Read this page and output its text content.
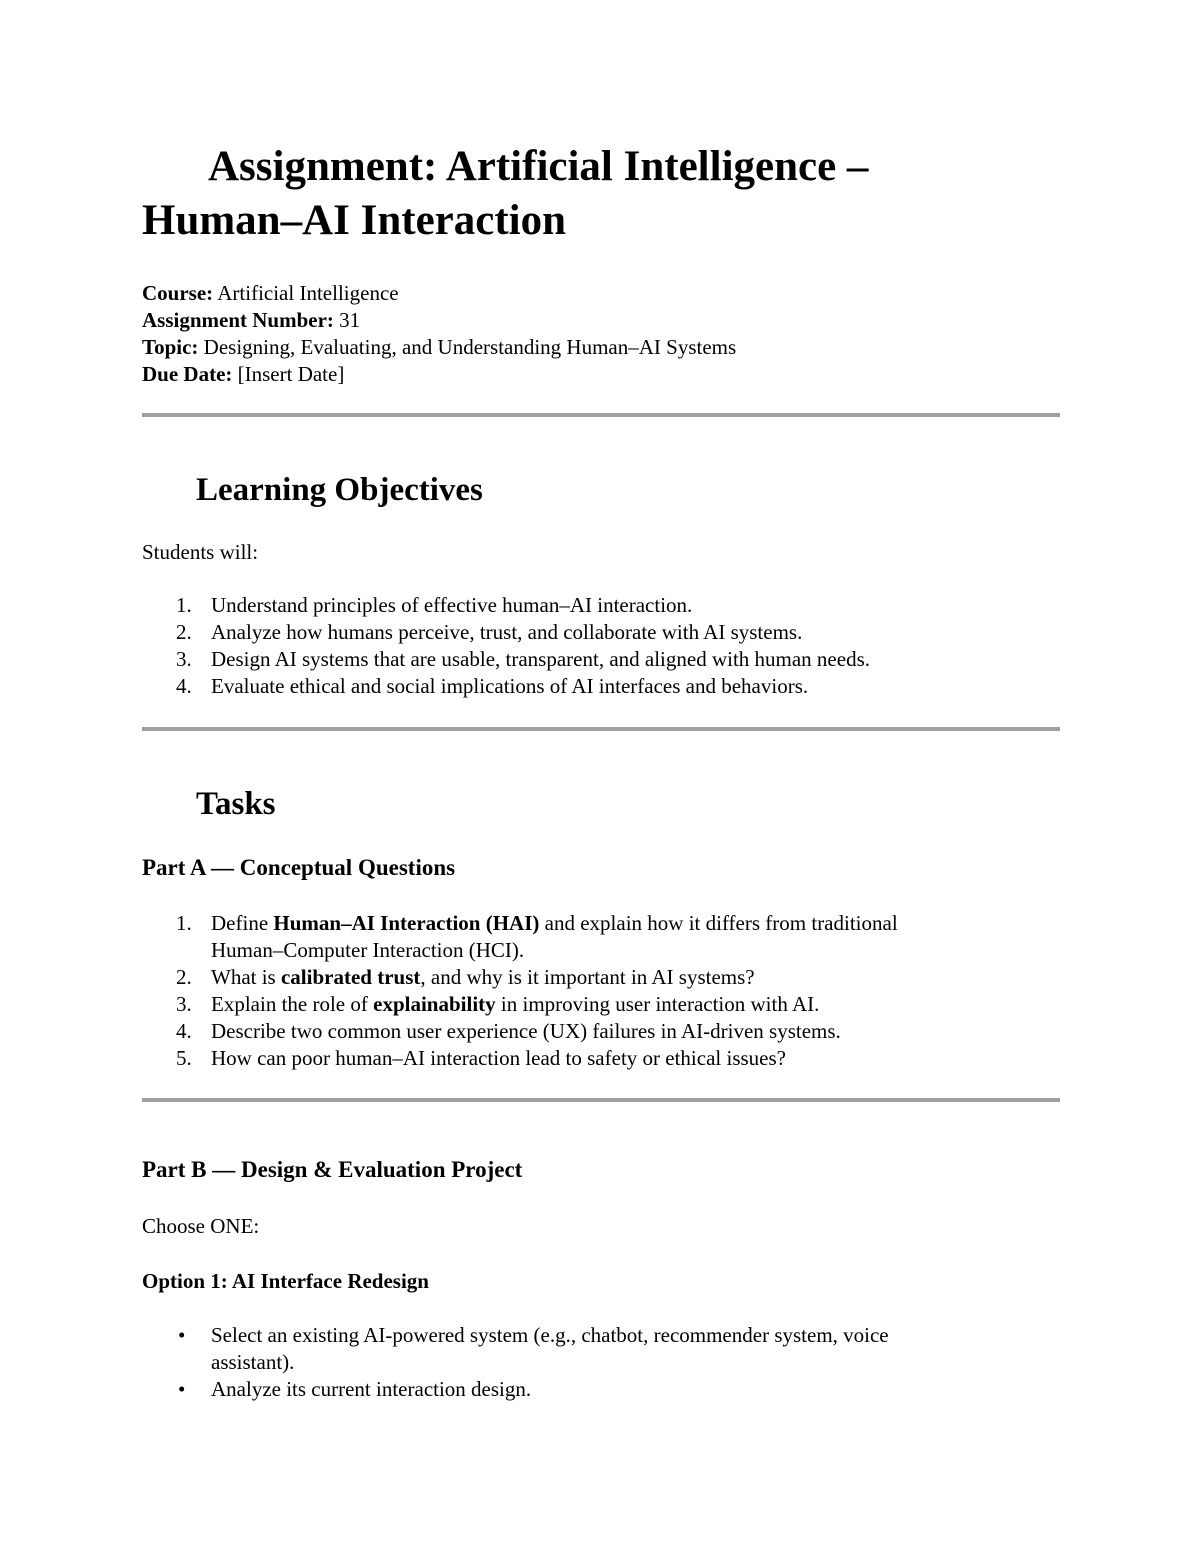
Assignment: Artificial Intelligence –
Human–AI Interaction
Course: Artificial Intelligence
Assignment Number: 31
Topic: Designing, Evaluating, and Understanding Human–AI Systems
Due Date: [Insert Date]
Learning Objectives
Students will:
1. Understand principles of effective human–AI interaction.
2. Analyze how humans perceive, trust, and collaborate with AI systems.
3. Design AI systems that are usable, transparent, and aligned with human needs.
4. Evaluate ethical and social implications of AI interfaces and behaviors.
Tasks
Part A — Conceptual Questions
1. Define Human–AI Interaction (HAI) and explain how it differs from traditional
Human–Computer Interaction (HCI).
2. What is calibrated trust, and why is it important in AI systems?
3. Explain the role of explainability in improving user interaction with AI.
4. Describe two common user experience (UX) failures in AI-driven systems.
5. How can poor human–AI interaction lead to safety or ethical issues?
Part B — Design & Evaluation Project
Choose ONE:
Option 1: AI Interface Redesign
• Select an existing AI-powered system (e.g., chatbot, recommender system, voice
assistant).
• Analyze its current interaction design.
